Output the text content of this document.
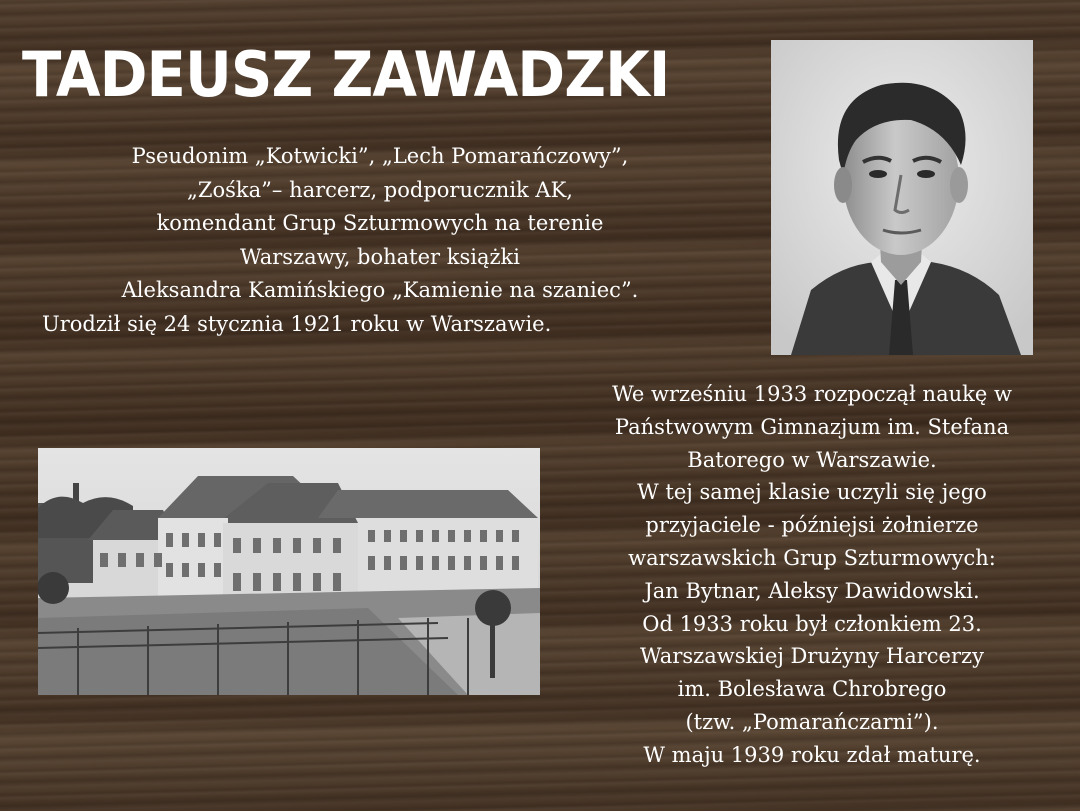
TADEUSZ ZAWADZKI
Pseudonim „Kotwicki”, „Lech Pomarańczowy”,
„Zośka”– harcerz, podporucznik AK,
komendant Grup Szturmowych na terenie
Warszawy, bohater książki
Aleksandra Kamińskiego „Kamienie na szaniec”.
Urodził się 24 stycznia 1921 roku w Warszawie.
We wrześniu 1933 rozpoczął naukę w
Państwowym Gimnazjum im. Stefana
Batorego w Warszawie.
W tej samej klasie uczyli się jego
przyjaciele - późniejsi żołnierze
warszawskich Grup Szturmowych:
Jan Bytnar, Aleksy Dawidowski.
Od 1933 roku był członkiem 23.
Warszawskiej Drużyny Harcerzy
im. Bolesława Chrobrego
(tzw. „Pomarańczarni”).
W maju 1939 roku zdał maturę.
